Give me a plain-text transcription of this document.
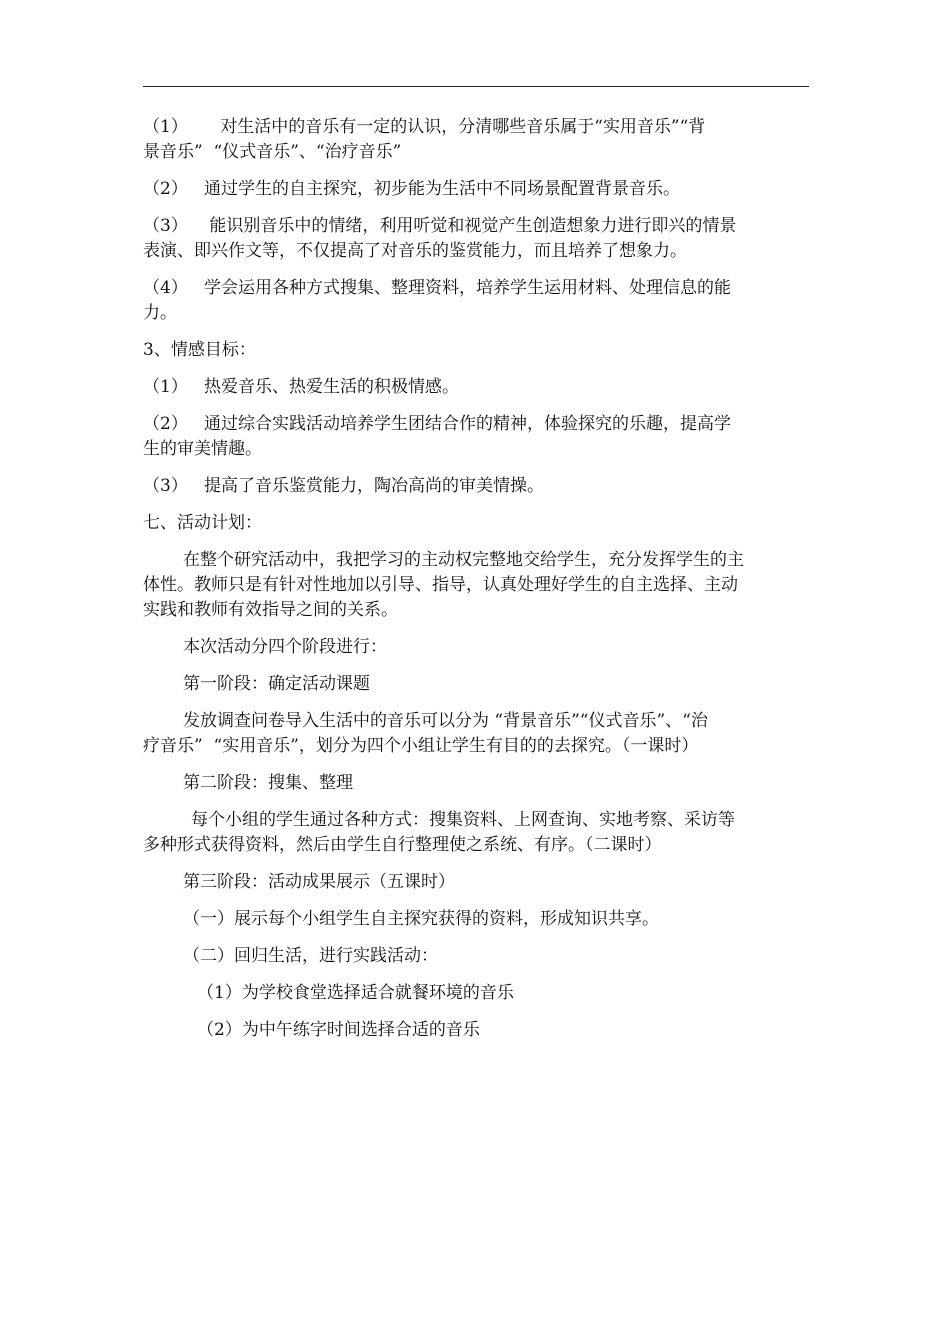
（1）      对生活中的音乐有一定的认识，分清哪些音乐属于“实用音乐”“背
景音乐”  “仪式音乐”、“治疗音乐”
（2）   通过学生的自主探究，初步能为生活中不同场景配置背景音乐。
（3）    能识别音乐中的情绪，利用听觉和视觉产生创造想象力进行即兴的情景
表演、即兴作文等，不仅提高了对音乐的鉴赏能力，而且培养了想象力。
（4）   学会运用各种方式搜集、整理资料，培养学生运用材料、处理信息的能
力。
3、情感目标：
（1）   热爱音乐、热爱生活的积极情感。
（2）   通过综合实践活动培养学生团结合作的精神，体验探究的乐趣，提高学
生的审美情趣。
（3）   提高了音乐鉴赏能力，陶冶高尚的审美情操。
七、活动计划：
在整个研究活动中，我把学习的主动权完整地交给学生，充分发挥学生的主
体性。教师只是有针对性地加以引导、指导，认真处理好学生的自主选择、主动
实践和教师有效指导之间的关系。
本次活动分四个阶段进行：
第一阶段：确定活动课题
发放调查问卷导入生活中的音乐可以分为 “背景音乐”“仪式音乐”、“治
疗音乐”  “实用音乐”，划分为四个小组让学生有目的的去探究。（一课时）
第二阶段：搜集、整理
每个小组的学生通过各种方式：搜集资料、上网查询、实地考察、采访等
多种形式获得资料，然后由学生自行整理使之系统、有序。（二课时）
第三阶段：活动成果展示（五课时）
（一）展示每个小组学生自主探究获得的资料，形成知识共享。
（二）回归生活，进行实践活动：
（1）为学校食堂选择适合就餐环境的音乐
（2）为中午练字时间选择合适的音乐
